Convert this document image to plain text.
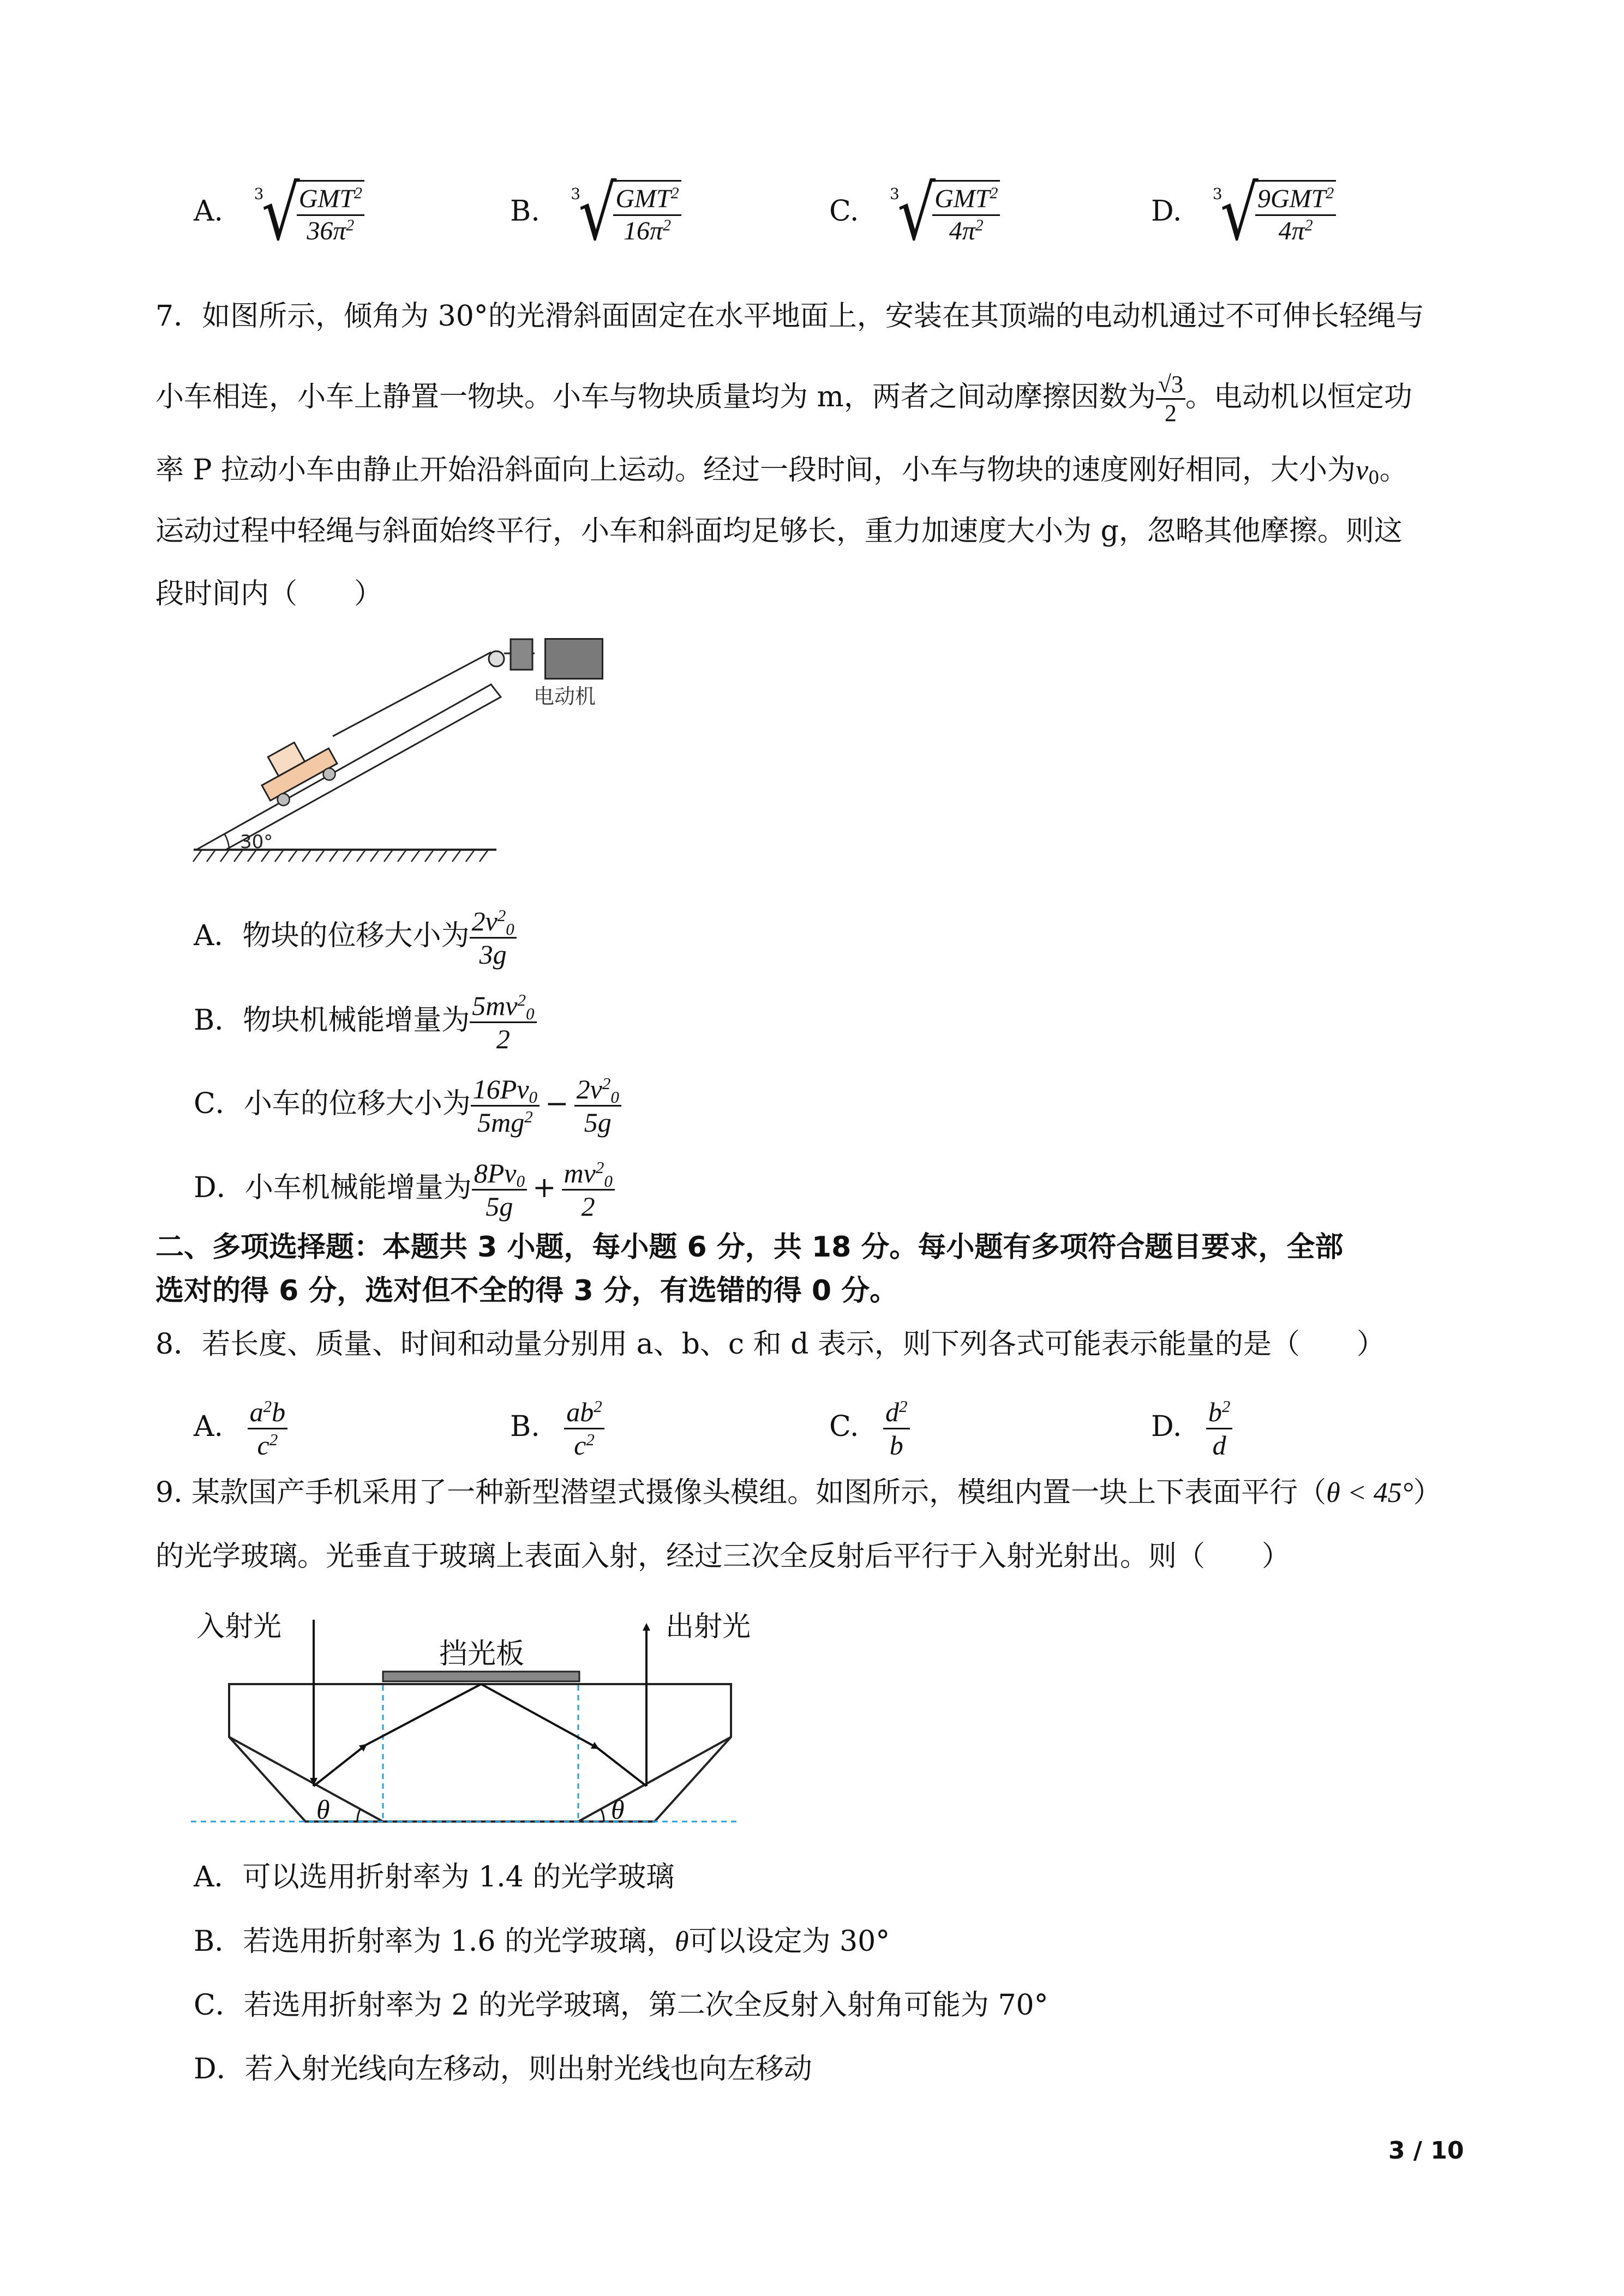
A.
3
√
$\frac{GMT^2}{36\pi^2}$	B.
3
√
$\frac{GMT^2}{16\pi^2}$	C.
3
√
$\frac{GMT^2}{4\pi^2}$	D.
3
√
$\frac{9GMT^2}{4\pi^2}$
7．如图所示，倾角为 30°的光滑斜面固定在水平地面上，安装在其顶端的电动机通过不可伸长轻绳与
小车相连，小车上静置一物块。小车与物块质量均为 m，两者之间动摩擦因数为 $\frac{√3}{2}$ 。电动机以恒定功
率 P 拉动小车由静止开始沿斜面向上运动。经过一段时间，小车与物块的速度刚好相同，大小为$v_0$。
运动过程中轻绳与斜面始终平行，小车和斜面均足够长，重力加速度大小为 g，忽略其他摩擦。则这
段时间内（　　）
30°
电动机
A．物块的位移大小为 $\frac{2v^2_0}{3g}$
B．物块机械能增量为 $\frac{5mv^2_0}{2}$
C．小车的位移大小为 $\frac{16Pv_0}{5mg^2} - \frac{2v^2_0}{5g}$
D．小车机械能增量为 $\frac{8Pv_0}{5g} + \frac{mv^2_0}{2}$
二、多项选择题：本题共 3 小题，每小题 6 分，共 18 分。每小题有多项符合题目要求，全部
选对的得 6 分，选对但不全的得 3 分，有选错的得 0 分。
8．若长度、质量、时间和动量分别用 a、b、c 和 d 表示，则下列各式可能表示能量的是（　　）
A. $\frac{a^2b}{c^2}$	B. $\frac{ab^2}{c^2}$	C. $\frac{d^2}{b}$	D. $\frac{b^2}{d}$
9. 某款国产手机采用了一种新型潜望式摄像头模组。如图所示，模组内置一块上下表面平行（θ < 45°）
的光学玻璃。光垂直于玻璃上表面入射，经过三次全反射后平行于入射光射出。则（　　）
入射光	出射光
挡光板
θ	θ
A．可以选用折射率为 1.4 的光学玻璃
B．若选用折射率为 1.6 的光学玻璃，θ可以设定为 30°
C．若选用折射率为 2 的光学玻璃，第二次全反射入射角可能为 70°
D．若入射光线向左移动，则出射光线也向左移动
3 / 10
